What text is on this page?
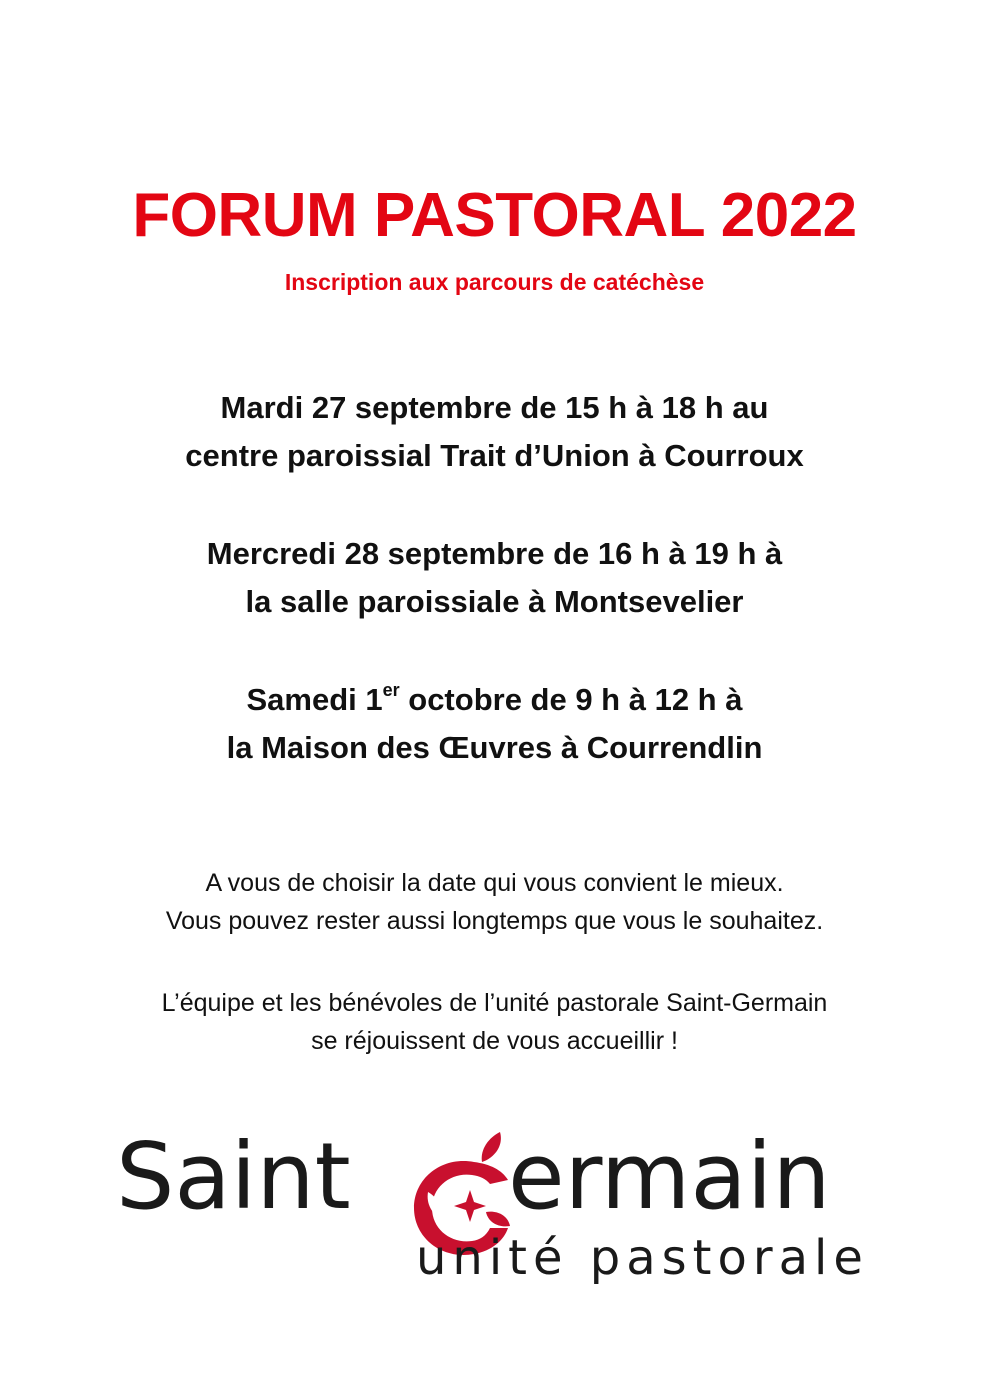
FORUM PASTORAL 2022
Inscription aux parcours de catéchèse
Mardi 27 septembre de 15 h à 18 h au
centre paroissial Trait d’Union à Courroux
Mercredi 28 septembre de 16 h à 19 h à
la salle paroissiale à Montsevelier
Samedi 1er octobre de 9 h à 12 h à
la Maison des Œuvres à Courrendlin
A vous de choisir la date qui vous convient le mieux.
Vous pouvez rester aussi longtemps que vous le souhaitez.
L’équipe et les bénévoles de l’unité pastorale Saint-Germain
se réjouissent de vous accueillir !
Saint ermain
unité pastorale
